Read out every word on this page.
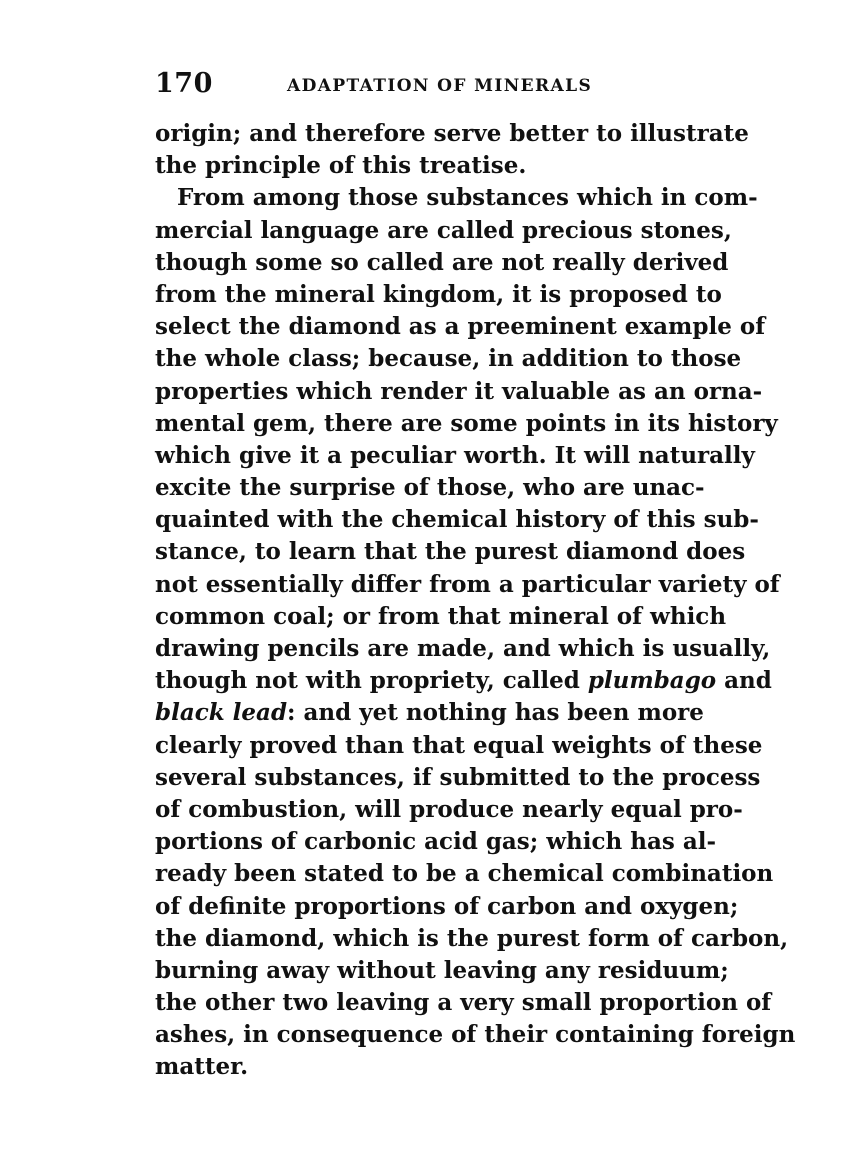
170	ADAPTATION OF MINERALS
origin; and therefore serve better to illustrate
the principle of this treatise.
From among those substances which in com-
mercial language are called precious stones,
though some so called are not really derived
from the mineral kingdom, it is proposed to
select the diamond as a preeminent example of
the whole class; because, in addition to those
properties which render it valuable as an orna-
mental gem, there are some points in its history
which give it a peculiar worth. It will naturally
excite the surprise of those, who are unac-
quainted with the chemical history of this sub-
stance, to learn that the purest diamond does
not essentially differ from a particular variety of
common coal; or from that mineral of which
drawing pencils are made, and which is usually,
though not with propriety, called plumbago and
black lead: and yet nothing has been more
clearly proved than that equal weights of these
several substances, if submitted to the process
of combustion, will produce nearly equal pro-
portions of carbonic acid gas; which has al-
ready been stated to be a chemical combination
of definite proportions of carbon and oxygen;
the diamond, which is the purest form of carbon,
burning away without leaving any residuum;
the other two leaving a very small proportion of
ashes, in consequence of their containing foreign
matter.
